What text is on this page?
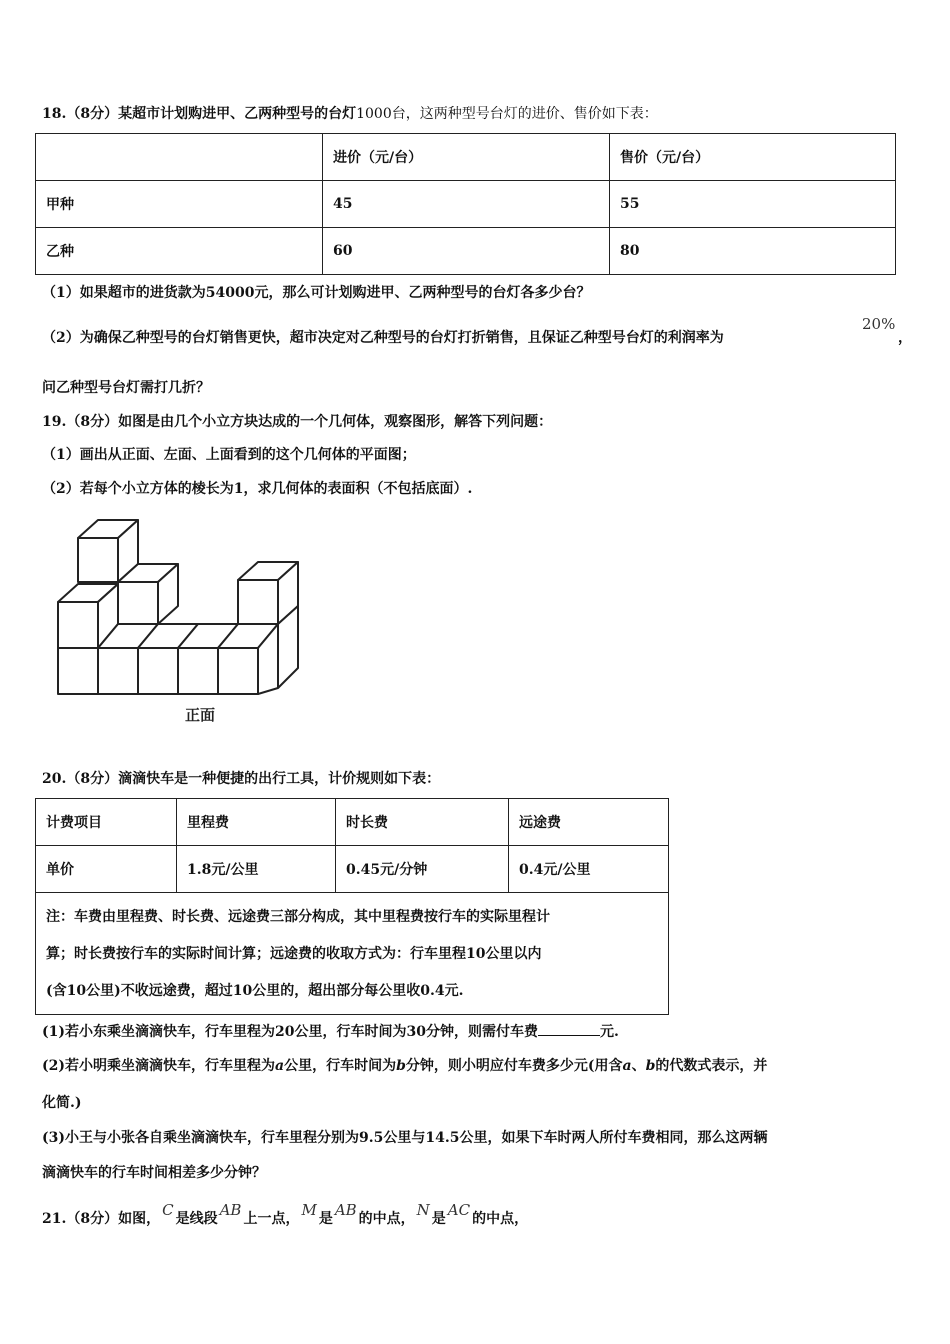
18.（8分）某超市计划购进甲、乙两种型号的台灯1000台，这两种型号台灯的进价、售价如下表：
	进价（元/台）	售价（元/台）
甲种	45	55
乙种	60	80
（1）如果超市的进货款为54000元，那么可计划购进甲、乙两种型号的台灯各多少台？
（2）为确保乙种型号的台灯销售更快，超市决定对乙种型号的台灯打折销售，且保证乙种型号台灯的利润率为
20%
，
问乙种型号台灯需打几折？
19.（8分）如图是由几个小立方块达成的一个几何体，观察图形，解答下列问题：
（1）画出从正面、左面、上面看到的这个几何体的平面图；
（2）若每个小立方体的棱长为1，求几何体的表面积（不包括底面）.
正面
20.（8分）滴滴快车是一种便捷的出行工具，计价规则如下表：
计费项目	里程费	时长费	远途费
单价	1.8元/公里	0.45元/分钟	0.4元/公里

注：车费由里程费、时长费、远途费三部分构成，其中里程费按行车的实际里程计
算；时长费按行车的实际时间计算；远途费的收取方式为：行车里程10公里以内
(含10公里)不收远途费，超过10公里的，超出部分每公里收0.4元.			
(1)若小东乘坐滴滴快车，行车里程为20公里，行车时间为30分钟，则需付车费	元.
(2)若小明乘坐滴滴快车，行车里程为a公里，行车时间为b分钟，则小明应付车费多少元(用含a、b的代数式表示，并
化简.)
(3)小王与小张各自乘坐滴滴快车，行车里程分别为9.5公里与14.5公里，如果下车时两人所付车费相同，那么这两辆
滴滴快车的行车时间相差多少分钟？
21.（8分）如图， C 是线段 AB 上一点， M 是 AB 的中点， N 是 AC 的中点，
